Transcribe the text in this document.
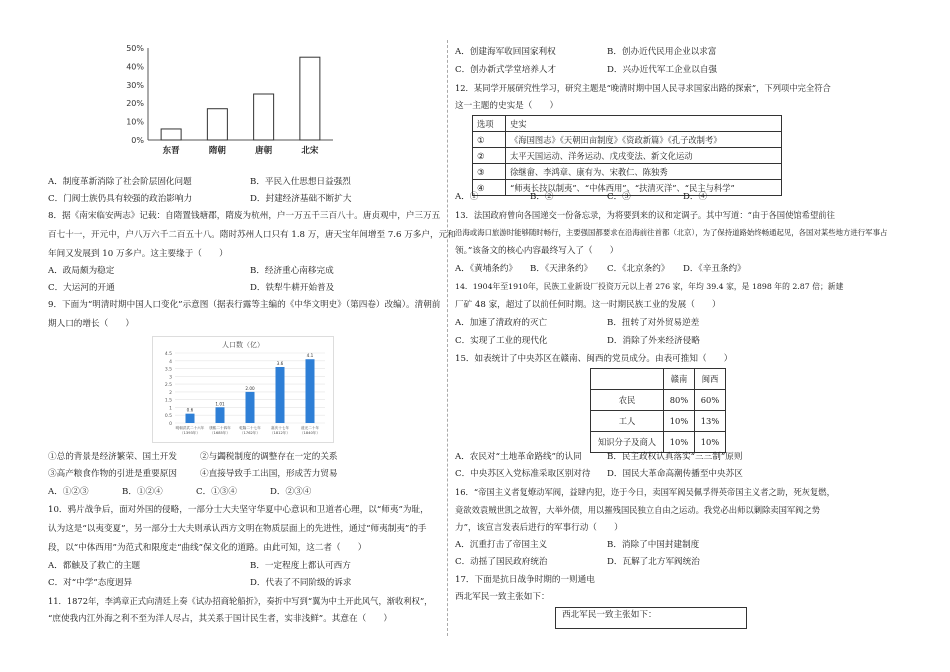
0%
10%
20%
30%
40%
50%
东晋	隋朝	唐朝	北宋
A．制度革新消除了社会阶层固化问题	B．平民入仕思想日益强烈
C．门阀士族仍具有较强的政治影响力	D．封建经济基础不断扩大
8．据《南宋临安两志》记载：自隋置钱塘郡，隋废为杭州，户一万五千三百八十。唐贞观中，户三万五
百七十一，开元中，户八万六千二百五十八。隋时苏州人口只有 1.8 万，唐天宝年间增至 7.6 万多户，元和
年间又发展到 10 万多户。这主要缘于（　　）
A．政局颇为稳定	B．经济重心南移完成
C．大运河的开通	D．铁犁牛耕开始普及
9．下面为“明清时期中国人口变化”示意图（据表行露等主编的《中华文明史》（第四卷）改编）。清朝前
期人口的增长（　　）
人口数（亿）
0
0.5
1
1.5
2
2.5
3
3.5
4
4.5
0.6
明朝洪武二十六年
（1393年）
1.01
康熙二十四年
（1685年）
2.00
乾隆二十七年
（1762年）
3.6
嘉庆十七年
（1812年）
4.1
道光二十年
（1840年）
①总的背景是经济繁荣、国土开发	②与蠲税制度的调整存在一定的关系
③高产粮食作物的引进是重要原因	④直接导致手工出国，形成苦力贸易
A．①②③	B．①②④	C．①③④	D．②③④
10．鸦片战争后，面对外国的侵略，一部分士大夫坚守华夏中心意识和卫道者心理，以“师夷”为耻，
认为这是“以夷变夏”，另一部分士大夫则承认西方文明在物质层面上的先进性，通过“师夷制夷”的手
段，以“中体西用”为范式和限度走“曲线”保文化的道路。由此可知，这二者（　　）
A．都触及了救亡的主题	B．一定程度上都认可西方
C．对“中学”态度迥异	D．代表了不同阶级的诉求
11．1872年，李鸿章正式向清廷上奏《试办招商轮船折》，奏折中写到“翼为中土开此风气，渐收利权”，
“庶使我内江外海之利不至为洋人尽占，其关系于国计民生者，实非浅鲜”。其意在（　　）
A．创建海军收回国家利权	B．创办近代民用企业以求富
C．创办新式学堂培养人才	D．兴办近代军工企业以自强
12．某同学开展研究性学习，研究主题是“晚清时期中国人民寻求国家出路的探索”，下列项中完全符合
这一主题的史实是（　　）
选项	史实
①	《海国图志》《天朝田亩制度》《资政新篇》《孔子改制考》
②	太平天国运动、洋务运动、戊戌变法、新文化运动
③	徐继畲、李鸿章、康有为、宋教仁、陈独秀
④	“师夷长技以制夷”、“中体西用”、“扶清灭洋”、“民主与科学”
A．①	B．②	C．③	D．④
13．法国政府曾向各国递交一份备忘录，为将要到来的议和定调子。其中写道：“由于各国使馆希望前往
沿海或海口旅游时能够随时畅行，主要强国都要求在沿海前往首都（北京），为了保持道路始终畅通起见，各国对某些地方进行军事占
领。”该备文的核心内容最终写入了（　　）
A．《黄埔条约》 B．《天津条约》 C．《北京条约》 D．《辛丑条约》
14．1904年至1910年，民族工业新设厂投资万元以上者 276 家，年均 39.4 家，是 1898 年的 2.87 倍；新建
厂矿 48 家，超过了以前任何时期。这一时期民族工业的发展（　　）
A．加速了清政府的灭亡	B．扭转了对外贸易逆差
C．实现了工业的现代化	D．消除了外来经济侵略
15．如表统计了中央苏区在赣南、闽西的党员成分。由表可推知（　　）
	赣南	闽西
农民	80%	60%
工人	10%	13%
知识分子及商人	10%	10%
A．农民对“土地革命路线”的认同	B．民主政权认真落实“三三制”原则
C．中央苏区入党标准采取区别对待 D．国民大革命高潮传播至中央苏区
16．“帝国主义者复燎动军阀，益肆内犯，迩于今日，卖国军阀吴佩孚得英帝国主义者之助，死灰复燃，
竟欲效袁贼世凯之故智，大举外债，用以摧残国民独立自由之运动。我党必出师以剿除卖国军阀之势
力”，该宣言发表后进行的军事行动（　　）
A．沉重打击了帝国主义	B．消除了中国封建制度
C．动摇了国民政府统治	D．瓦解了北方军阀统治
17．下面是抗日战争时期的一则通电
西北军民一致主张如下：
西北军民一致主张如下：
